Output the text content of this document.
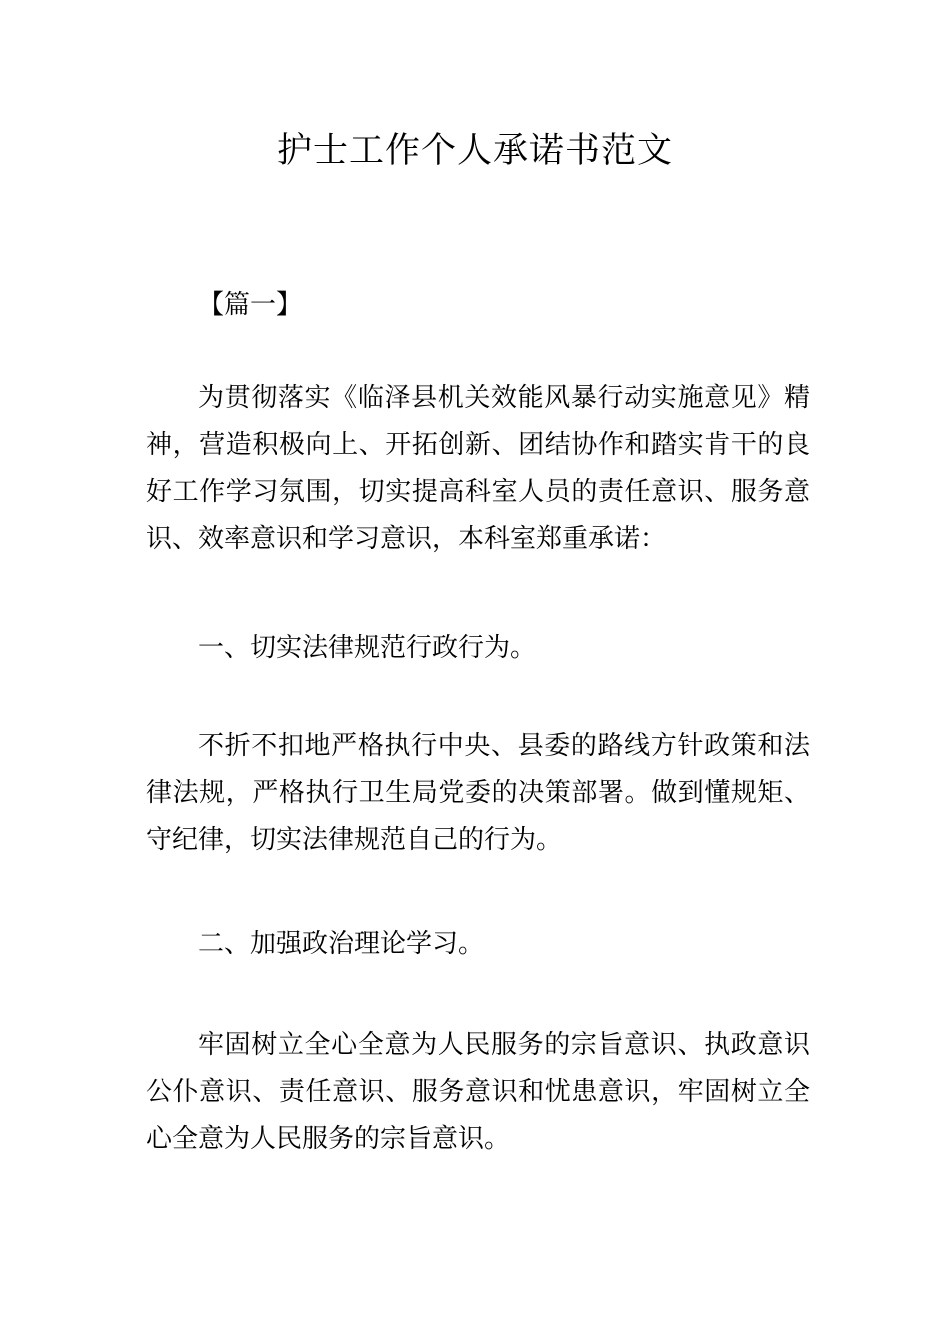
护士工作个人承诺书范文

【篇一】

为贯彻落实《临泽县机关效能风暴行动实施意见》精神，营造积极向上、开拓创新、团结协作和踏实肯干的良好工作学习氛围，切实提高科室人员的责任意识、服务意识、效率意识和学习意识，本科室郑重承诺：

一、切实法律规范行政行为。

不折不扣地严格执行中央、县委的路线方针政策和法律法规，严格执行卫生局党委的决策部署。做到懂规矩、守纪律，切实法律规范自己的行为。

二、加强政治理论学习。

牢固树立全心全意为人民服务的宗旨意识、执政意识公仆意识、责任意识、服务意识和忧患意识，牢固树立全心全意为人民服务的宗旨意识。
